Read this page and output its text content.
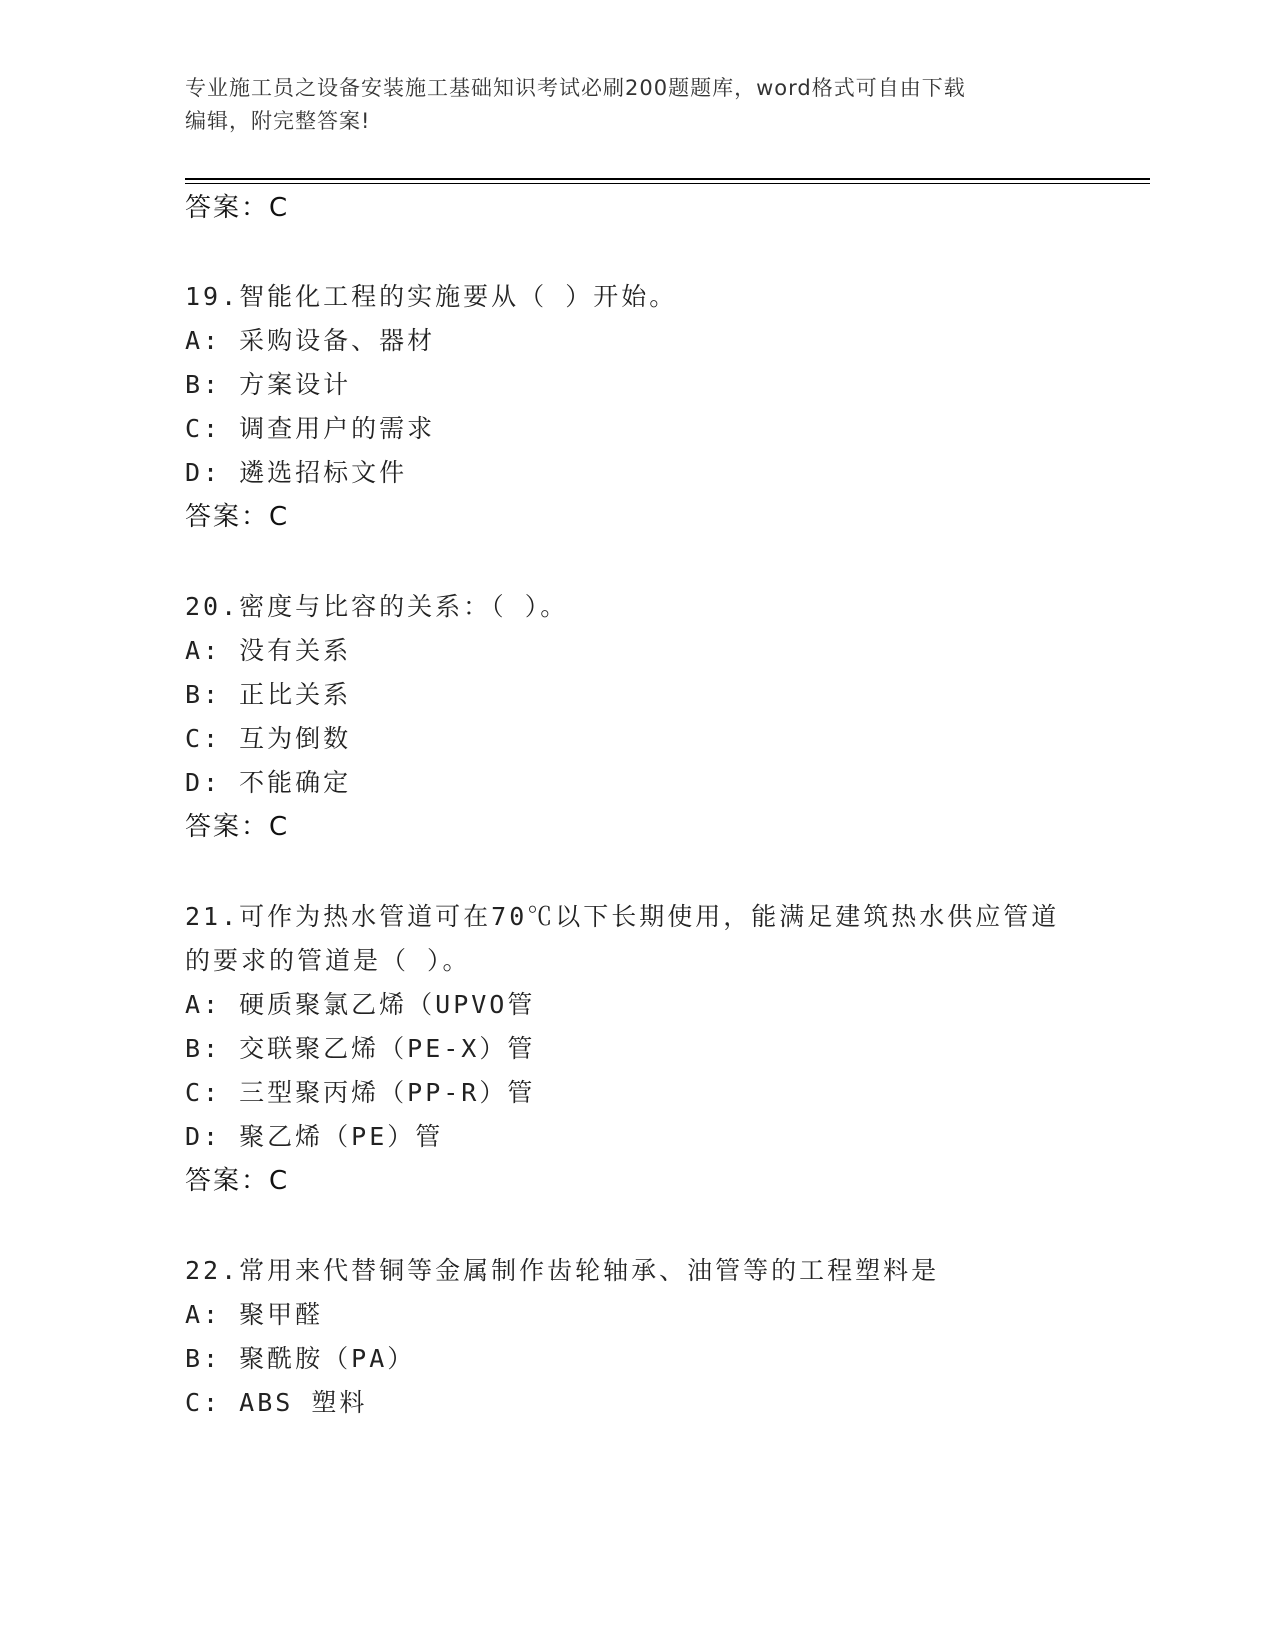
专业施工员之设备安装施工基础知识考试必刷200题题库，word格式可自由下载
编辑，附完整答案!
答案：C
19.智能化工程的实施要从（ ）开始。
A: 采购设备、器材
B: 方案设计
C: 调查用户的需求
D: 遴选招标文件
答案：C
20.密度与比容的关系：（ ）。
A: 没有关系
B: 正比关系
C: 互为倒数
D: 不能确定
答案：C
21.可作为热水管道可在70℃以下长期使用，能满足建筑热水供应管道
的要求的管道是（ ）。
A: 硬质聚氯乙烯（UPVO管
B: 交联聚乙烯（PE-X）管
C: 三型聚丙烯（PP-R）管
D: 聚乙烯（PE）管
答案：C
22.常用来代替铜等金属制作齿轮轴承、油管等的工程塑料是
A: 聚甲醛
B: 聚酰胺（PA）
C: ABS 塑料
